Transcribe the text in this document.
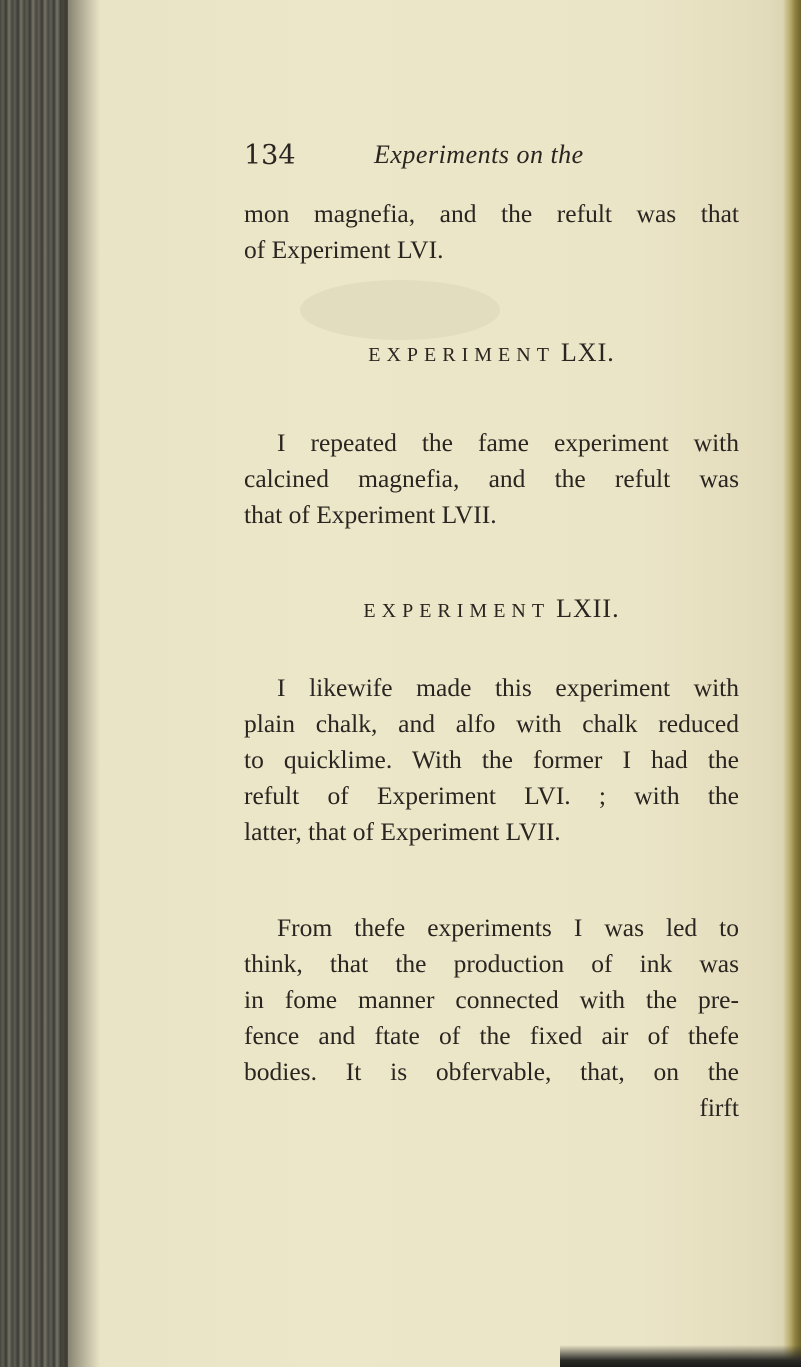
134	Experiments on the
mon magnefia, and the refult was that
of Experiment LVI.
EXPERIMENT LXI.
I repeated the fame experiment with
calcined magnefia, and the refult was
that of Experiment LVII.
EXPERIMENT LXII.
I likewife made this experiment with
plain chalk, and alfo with chalk reduced
to quicklime. With the former I had the
refult of Experiment LVI. ; with the
latter, that of Experiment LVII.
From thefe experiments I was led to
think, that the production of ink was
in fome manner connected with the pre-
fence and ftate of the fixed air of thefe
bodies. It is obfervable, that, on the
firft
